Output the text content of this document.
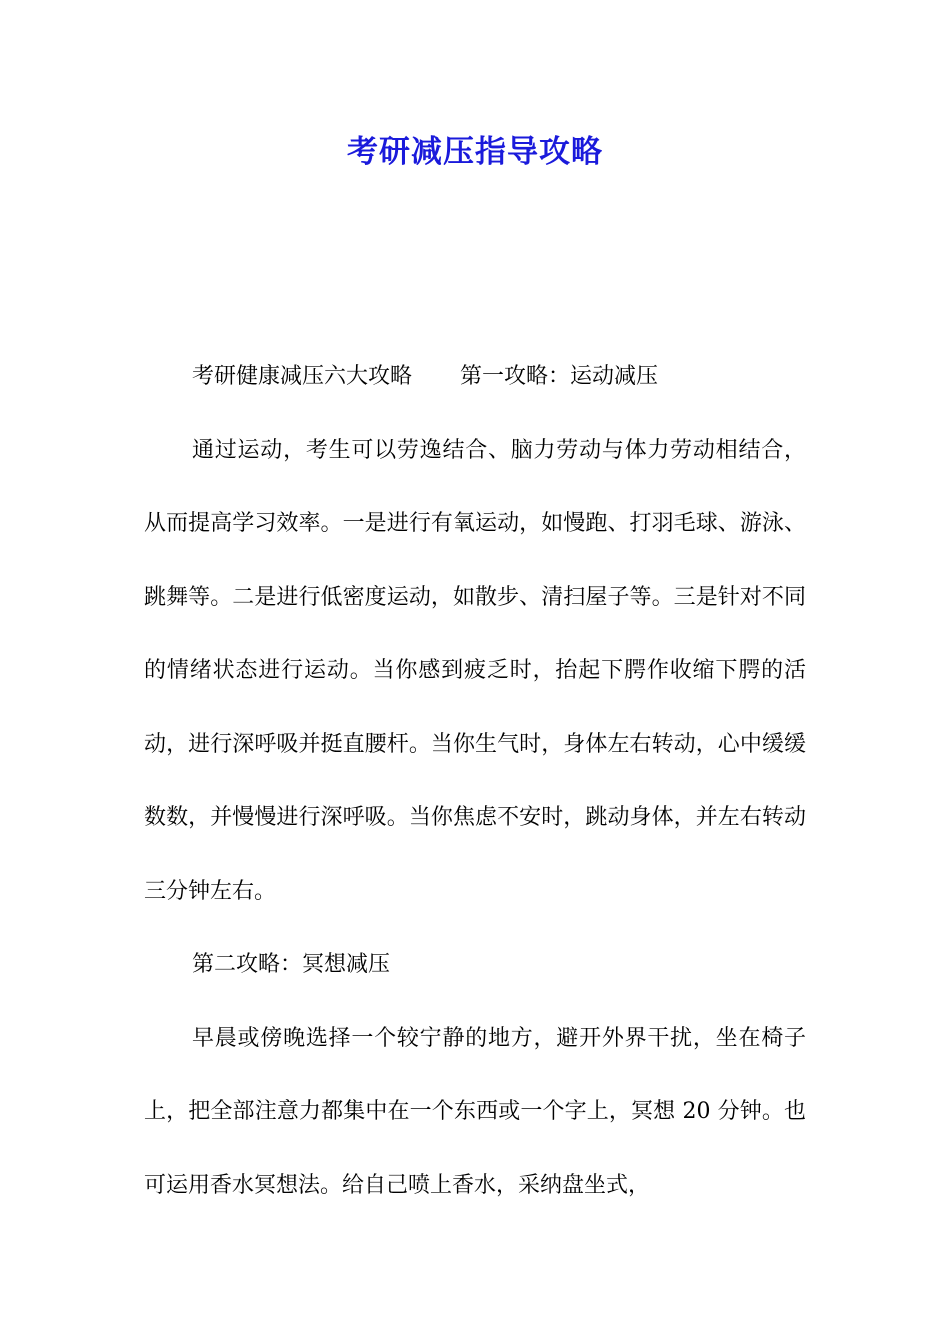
考研减压指导攻略

考研健康减压六大攻略 第一攻略：运动减压

通过运动，考生可以劳逸结合、脑力劳动与体力劳动相结合，从而提高学习效率。一是进行有氧运动，如慢跑、打羽毛球、游泳、跳舞等。二是进行低密度运动，如散步、清扫屋子等。三是针对不同的情绪状态进行运动。当你感到疲乏时，抬起下腭作收缩下腭的活动，进行深呼吸并挺直腰杆。当你生气时，身体左右转动，心中缓缓数数，并慢慢进行深呼吸。当你焦虑不安时，跳动身体，并左右转动三分钟左右。

第二攻略：冥想减压

早晨或傍晚选择一个较宁静的地方，避开外界干扰，坐在椅子上，把全部注意力都集中在一个东西或一个字上，冥想 20 分钟。也可运用香水冥想法。给自己喷上香水，采纳盘坐式，
